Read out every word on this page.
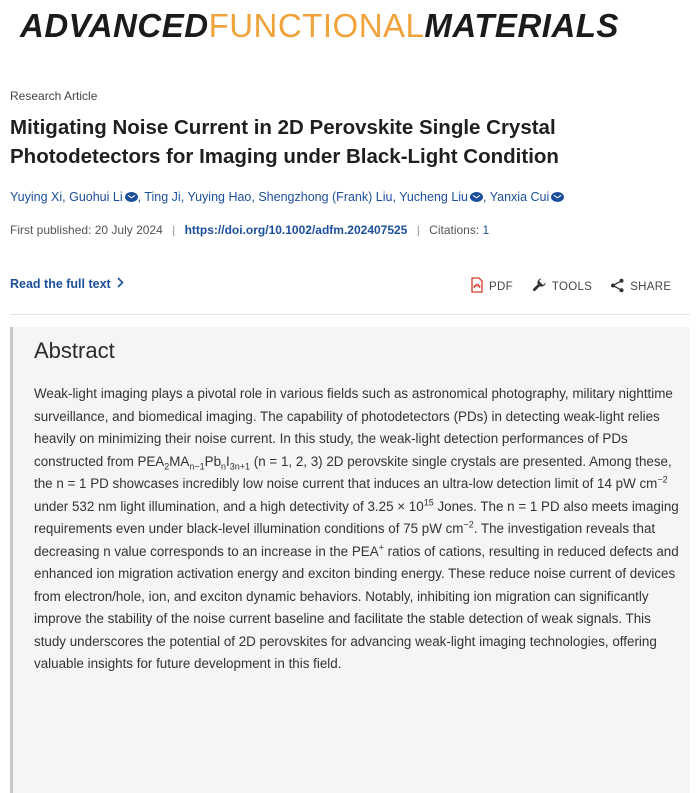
ADVANCEDFUNCTIONALMATERIALS
Research Article
Mitigating Noise Current in 2D Perovskite Single Crystal Photodetectors for Imaging under Black-Light Condition
Yuying Xi, Guohui Li , Ting Ji, Yuying Hao, Shengzhong (Frank) Liu, Yucheng Liu , Yanxia Cui
First published: 20 July 2024 | https://doi.org/10.1002/adfm.202407525 | Citations: 1
Read the full text	PDF	TOOLS	SHARE
Abstract
Weak-light imaging plays a pivotal role in various fields such as astronomical photography, military nighttime surveillance, and biomedical imaging. The capability of photodetectors (PDs) in detecting weak-light relies heavily on minimizing their noise current. In this study, the weak-light detection performances of PDs constructed from $PEA_2MA_{n-1}Pb_nI_{3n+1}$ (n = 1, 2, 3) 2D perovskite single crystals are presented. Among these, the n = 1 PD showcases incredibly low noise current that induces an ultra-low detection limit of 14 pW $cm^{-2}$ under 532 nm light illumination, and a high detectivity of $3.25 \times 10^{15}$ Jones. The n = 1 PD also meets imaging requirements even under black-level illumination conditions of 75 pW $cm^{-2}$. The investigation reveals that decreasing n value corresponds to an increase in the PEA+ ratios of cations, resulting in reduced defects and enhanced ion migration activation energy and exciton binding energy. These reduce noise current of devices from electron/hole, ion, and exciton dynamic behaviors. Notably, inhibiting ion migration can significantly improve the stability of the noise current baseline and facilitate the stable detection of weak signals. This study underscores the potential of 2D perovskites for advancing weak-light imaging technologies, offering valuable insights for future development in this field.
